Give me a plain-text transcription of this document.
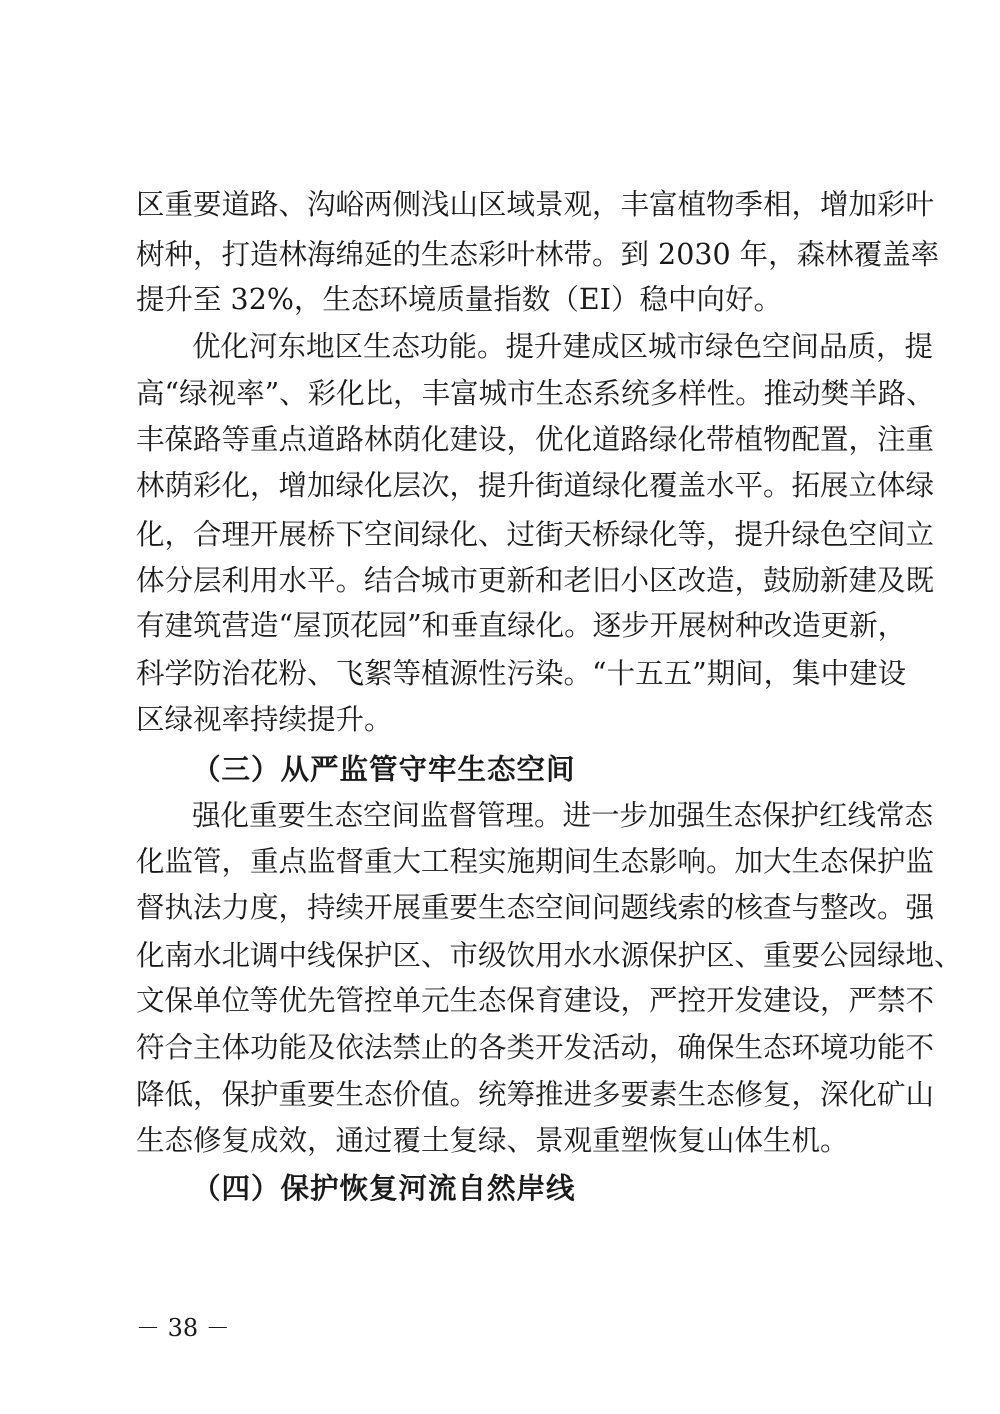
区重要道路、沟峪两侧浅山区域景观，丰富植物季相，增加彩叶
树种，打造林海绵延的生态彩叶林带。到 2030 年，森林覆盖率
提升至 32%，生态环境质量指数（EI）稳中向好。
优化河东地区生态功能。提升建成区城市绿色空间品质，提
高“绿视率”、彩化比，丰富城市生态系统多样性。推动樊羊路、
丰葆路等重点道路林荫化建设，优化道路绿化带植物配置，注重
林荫彩化，增加绿化层次，提升街道绿化覆盖水平。拓展立体绿
化，合理开展桥下空间绿化、过街天桥绿化等，提升绿色空间立
体分层利用水平。结合城市更新和老旧小区改造，鼓励新建及既
有建筑营造“屋顶花园”和垂直绿化。逐步开展树种改造更新，
科学防治花粉、飞絮等植源性污染。“十五五”期间，集中建设
区绿视率持续提升。
（三）从严监管守牢生态空间
强化重要生态空间监督管理。进一步加强生态保护红线常态
化监管，重点监督重大工程实施期间生态影响。加大生态保护监
督执法力度，持续开展重要生态空间问题线索的核查与整改。强
化南水北调中线保护区、市级饮用水水源保护区、重要公园绿地、
文保单位等优先管控单元生态保育建设，严控开发建设，严禁不
符合主体功能及依法禁止的各类开发活动，确保生态环境功能不
降低，保护重要生态价值。统筹推进多要素生态修复，深化矿山
生态修复成效，通过覆土复绿、景观重塑恢复山体生机。
（四）保护恢复河流自然岸线
－ 38 －
